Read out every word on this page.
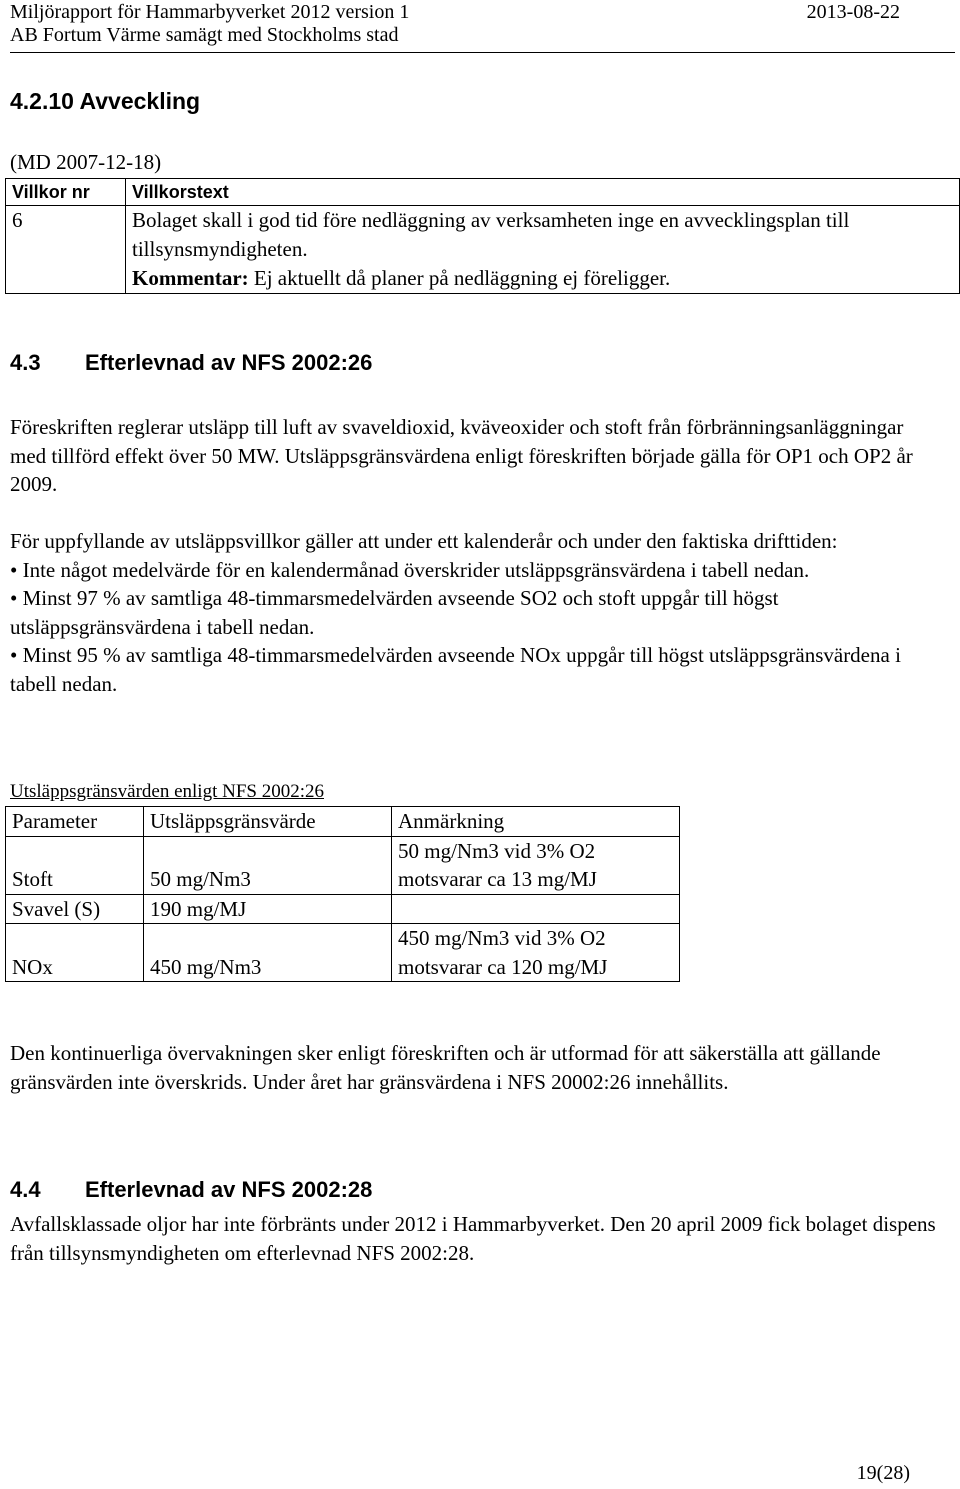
Miljörapport för Hammarbyverket 2012 version 1	2013-08-22
AB Fortum Värme samägt med Stockholms stad
4.2.10 Avveckling
(MD 2007-12-18)
Villkor nr	Villkorstext
6	Bolaget skall i god tid före nedläggning av verksamheten inge en avvecklingsplan till tillsynsmyndigheten.
Kommentar: Ej aktuellt då planer på nedläggning ej föreligger.
4.3 Efterlevnad av NFS 2002:26

Föreskriften reglerar utsläpp till luft av svaveldioxid, kväveoxider och stoft från förbränningsanläggningar med tillförd effekt över 50 MW. Utsläppsgränsvärdena enligt föreskriften började gälla för OP1 och OP2 år 2009.

För uppfyllande av utsläppsvillkor gäller att under ett kalenderår och under den faktiska drifttiden:

• Inte något medelvärde för en kalendermånad överskrider utsläppsgränsvärdena i tabell nedan.

• Minst 97 % av samtliga 48-timmarsmedelvärden avseende SO2 och stoft uppgår till högst utsläppsgränsvärdena i tabell nedan.

• Minst 95 % av samtliga 48-timmarsmedelvärden avseende NOx uppgår till högst utsläppsgränsvärdena i tabell nedan.

Utsläppsgränsvärden enligt NFS 2002:26
Parameter	Utsläppsgränsvärde	Anmärkning
Stoft	50 mg/Nm3	50 mg/Nm3 vid 3% O2
motsvarar ca 13 mg/MJ

Svavel (S)	190 mg/MJ	
NOx	450 mg/Nm3	450 mg/Nm3 vid 3% O2
motsvarar ca 120 mg/MJ

Den kontinuerliga övervakningen sker enligt föreskriften och är utformad för att säkerställa att gällande gränsvärden inte överskrids. Under året har gränsvärdena i NFS 20002:26 innehållits.

4.4 Efterlevnad av NFS 2002:28

Avfallsklassade oljor har inte förbränts under 2012 i Hammarbyverket. Den 20 april 2009 fick bolaget dispens från tillsynsmyndigheten om efterlevnad NFS 2002:28.

19(28)
